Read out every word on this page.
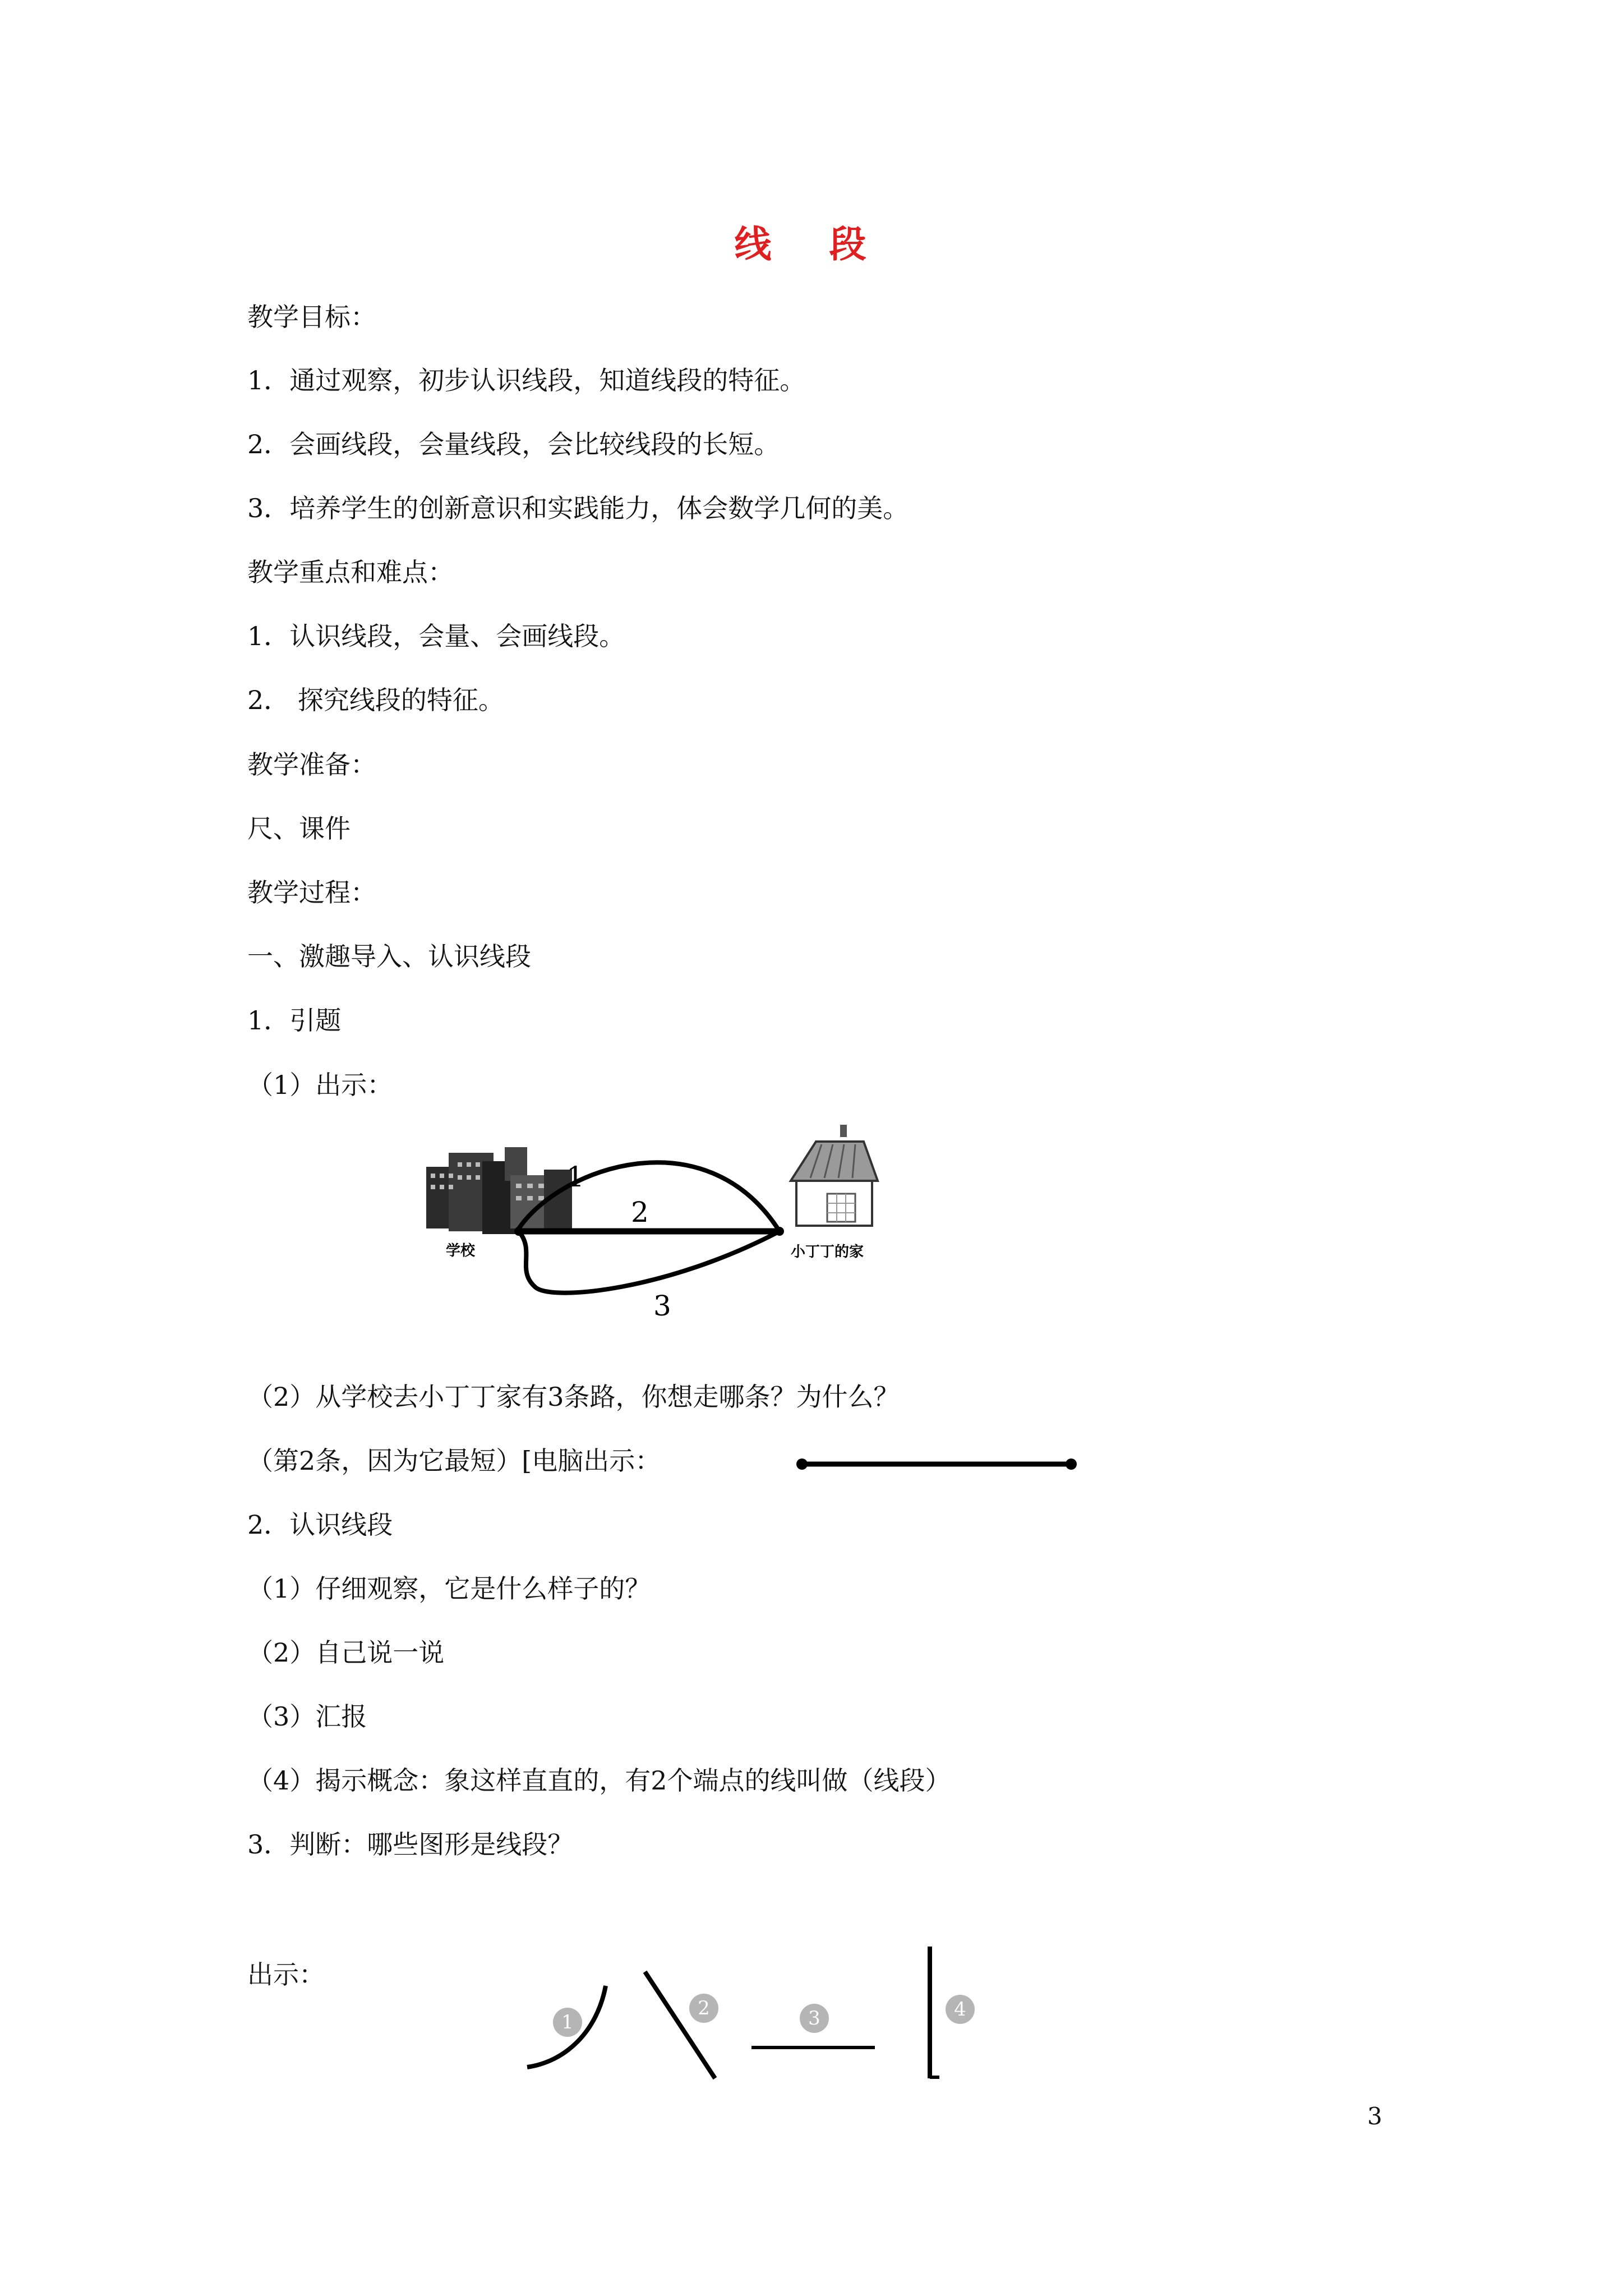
线 段
教学目标：
1．通过观察，初步认识线段，知道线段的特征。
2．会画线段，会量线段，会比较线段的长短。
3．培养学生的创新意识和实践能力，体会数学几何的美。
教学重点和难点：
1．认识线段，会量、会画线段。
2． 探究线段的特征。
教学准备：
尺、课件
教学过程：
一、激趣导入、认识线段
1．引题
（1）出示：
1
2
3
学校	小丁丁的家
（2）从学校去小丁丁家有3条路，你想走哪条？为什么？
（第2条，因为它最短）[电脑出示：
2．认识线段
（1）仔细观察，它是什么样子的？
（2）自己说一说
（3）汇报
（4）揭示概念：象这样直直的，有2个端点的线叫做（线段）
3．判断：哪些图形是线段？
出示：
1
2	3	4
3
